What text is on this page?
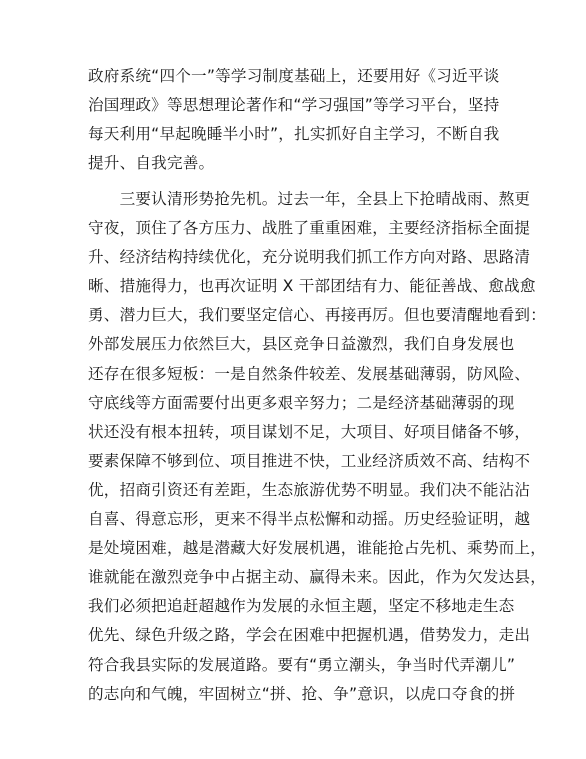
政府系统“四个一”等学习制度基础上，还要用好《习近平谈
治国理政》等思想理论著作和“学习强国”等学习平台，坚持
每天利用“早起晚睡半小时”，扎实抓好自主学习，不断自我
提升、自我完善。
　　三要认清形势抢先机。过去一年，全县上下抢晴战雨、熬更
守夜，顶住了各方压力、战胜了重重困难，主要经济指标全面提
升、经济结构持续优化，充分说明我们抓工作方向对路、思路清
晰、措施得力，也再次证明 X 干部团结有力、能征善战、愈战愈
勇、潜力巨大，我们要坚定信心、再接再厉。但也要清醒地看到：
外部发展压力依然巨大，县区竞争日益激烈，我们自身发展也
还存在很多短板：一是自然条件较差、发展基础薄弱，防风险、
守底线等方面需要付出更多艰辛努力；二是经济基础薄弱的现
状还没有根本扭转，项目谋划不足，大项目、好项目储备不够，
要素保障不够到位、项目推进不快，工业经济质效不高、结构不
优，招商引资还有差距，生态旅游优势不明显。我们决不能沾沾
自喜、得意忘形，更来不得半点松懈和动摇。历史经验证明，越
是处境困难，越是潜藏大好发展机遇，谁能抢占先机、乘势而上，
谁就能在激烈竞争中占据主动、赢得未来。因此，作为欠发达县，
我们必须把追赶超越作为发展的永恒主题，坚定不移地走生态
优先、绿色升级之路，学会在困难中把握机遇，借势发力，走出
符合我县实际的发展道路。要有“勇立潮头，争当时代弄潮儿”
的志向和气魄，牢固树立“拼、抢、争”意识，以虎口夺食的拼
